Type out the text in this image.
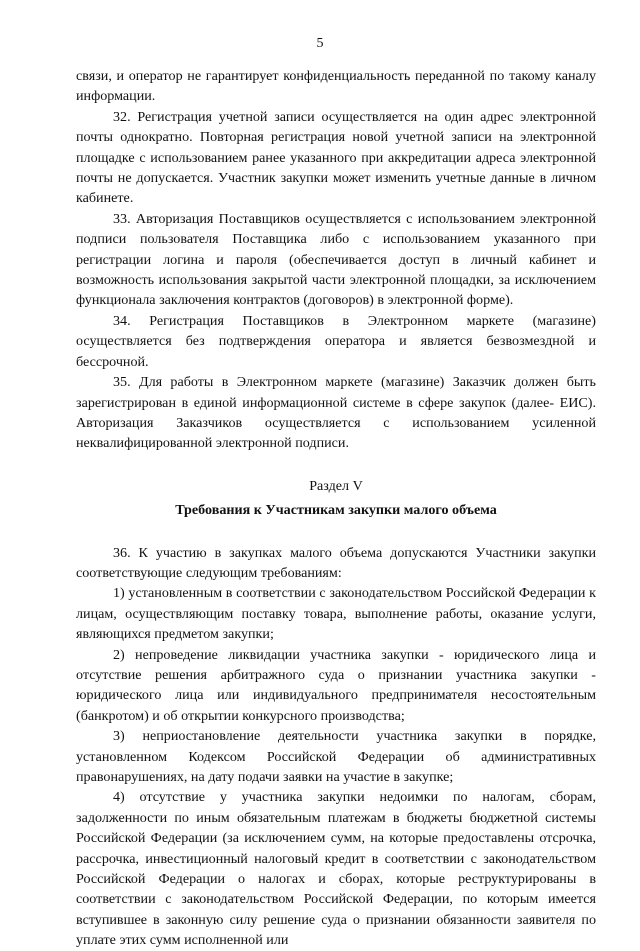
5

связи, и оператор не гарантирует конфиденциальность переданной по такому каналу информации.

32. Регистрация учетной записи осуществляется на один адрес электронной почты однократно. Повторная регистрация новой учетной записи на электронной площадке с использованием ранее указанного при аккредитации адреса электронной почты не допускается. Участник закупки может изменить учетные данные в личном кабинете.

33. Авторизация Поставщиков осуществляется с использованием электронной подписи пользователя Поставщика либо с использованием указанного при регистрации логина и пароля (обеспечивается доступ в личный кабинет и возможность использования закрытой части электронной площадки, за исключением функционала заключения контрактов (договоров) в электронной форме).

34. Регистрация Поставщиков в Электронном маркете (магазине) осуществляется без подтверждения оператора и является безвозмездной и бессрочной.

35. Для работы в Электронном маркете (магазине) Заказчик должен быть зарегистрирован в единой информационной системе в сфере закупок (далее- ЕИС). Авторизация Заказчиков осуществляется с использованием усиленной неквалифицированной электронной подписи.

Раздел V

Требования к Участникам закупки малого объема

36. К участию в закупках малого объема допускаются Участники закупки соответствующие следующим требованиям:

1) установленным в соответствии с законодательством Российской Федерации к лицам, осуществляющим поставку товара, выполнение работы, оказание услуги, являющихся предметом закупки;

2) непроведение ликвидации участника закупки - юридического лица и отсутствие решения арбитражного суда о признании участника закупки - юридического лица или индивидуального предпринимателя несостоятельным (банкротом) и об открытии конкурсного производства;

3) неприостановление деятельности участника закупки в порядке, установленном Кодексом Российской Федерации об административных правонарушениях, на дату подачи заявки на участие в закупке;

4) отсутствие у участника закупки недоимки по налогам, сборам, задолженности по иным обязательным платежам в бюджеты бюджетной системы Российской Федерации (за исключением сумм, на которые предоставлены отсрочка, рассрочка, инвестиционный налоговый кредит в соответствии с законодательством Российской Федерации о налогах и сборах, которые реструктурированы в соответствии с законодательством Российской Федерации, по которым имеется вступившее в законную силу решение суда о признании обязанности заявителя по уплате этих сумм исполненной или
